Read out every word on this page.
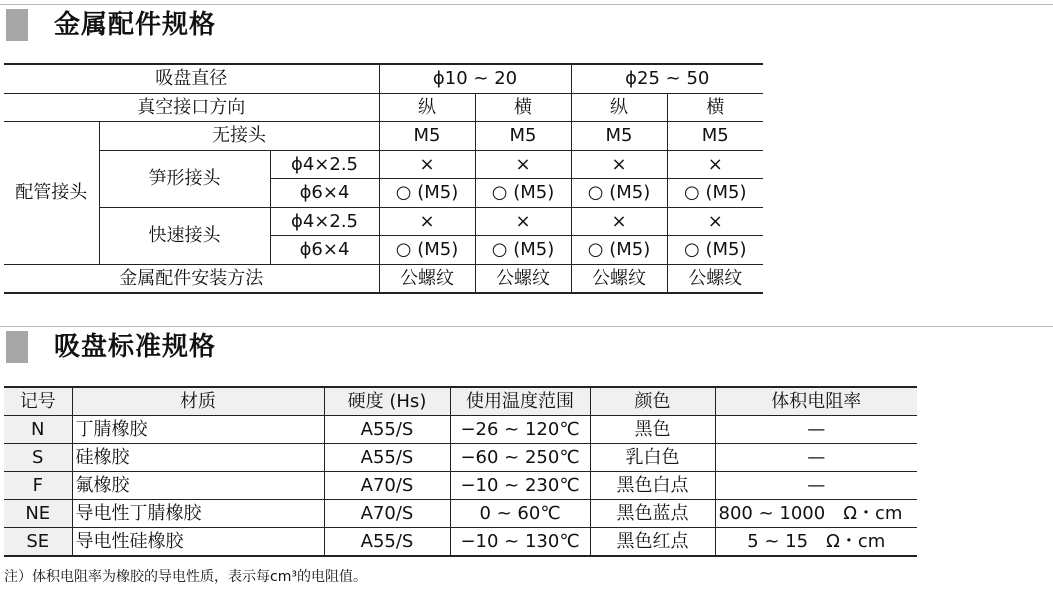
金属配件规格
吸盘直径			ϕ10 ~ 20		ϕ25 ~ 50	
真空接口方向			纵	横	纵	横
配管接头	无接头		M5	M5	M5	M5
	笋形接头	ϕ4×2.5	×	×	×	×
		ϕ6×4	○ (M5)	○ (M5)	○ (M5)	○ (M5)
	快速接头	ϕ4×2.5	×	×	×	×
		ϕ6×4	○ (M5)	○ (M5)	○ (M5)	○ (M5)
金属配件安装方法			公螺纹	公螺纹	公螺纹	公螺纹
吸盘标准规格
记号	材质	硬度 (Hs)	使用温度范围	颜色	体积电阻率
N	丁腈橡胶	A55/S	−26 ~ 120℃	黑色	—
S	硅橡胶	A55/S	−60 ~ 250℃	乳白色	—
F	氟橡胶	A70/S	−10 ~ 230℃	黑色白点	—
NE	导电性丁腈橡胶	A70/S	0 ~ 60℃	黑色蓝点	800 ~ 1000　Ω・cm
SE	导电性硅橡胶	A55/S	−10 ~ 130℃	黑色红点	5 ~ 15　Ω・cm
注）体积电阻率为橡胶的导电性质，表示每cm³的电阻值。
